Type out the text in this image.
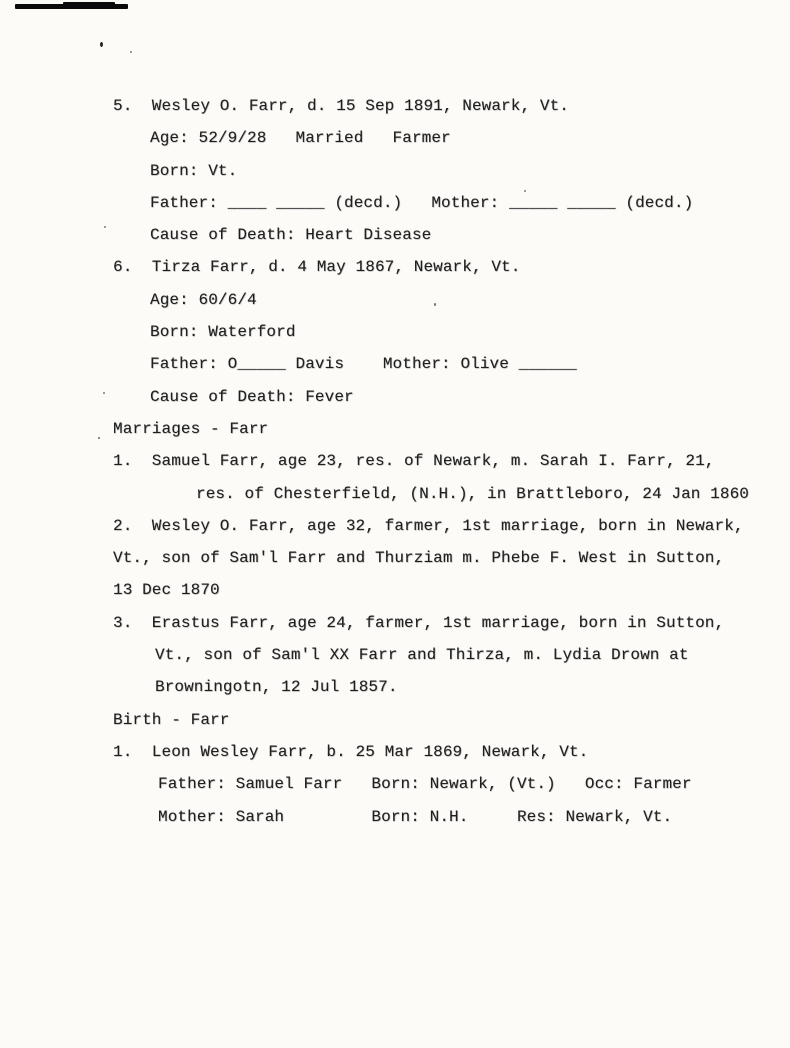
5.  Wesley O. Farr, d. 15 Sep 1891, Newark, Vt.
Age: 52/9/28   Married   Farmer
Born: Vt.
Father: ____ _____ (decd.)   Mother: _____ _____ (decd.)
Cause of Death: Heart Disease
6.  Tirza Farr, d. 4 May 1867, Newark, Vt.
Age: 60/6/4
Born: Waterford
Father: O_____ Davis    Mother: Olive ______
Cause of Death: Fever
Marriages - Farr
1.  Samuel Farr, age 23, res. of Newark, m. Sarah I. Farr, 21,
res. of Chesterfield, (N.H.), in Brattleboro, 24 Jan 1860
2.  Wesley O. Farr, age 32, farmer, 1st marriage, born in Newark,
Vt., son of Sam'l Farr and Thurziam m. Phebe F. West in Sutton,
13 Dec 1870
3.  Erastus Farr, age 24, farmer, 1st marriage, born in Sutton,
Vt., son of Sam'l XX Farr and Thirza, m. Lydia Drown at
Browningotn, 12 Jul 1857.
Birth - Farr
1.  Leon Wesley Farr, b. 25 Mar 1869, Newark, Vt.
Father: Samuel Farr   Born: Newark, (Vt.)   Occ: Farmer
Mother: Sarah         Born: N.H.     Res: Newark, Vt.
